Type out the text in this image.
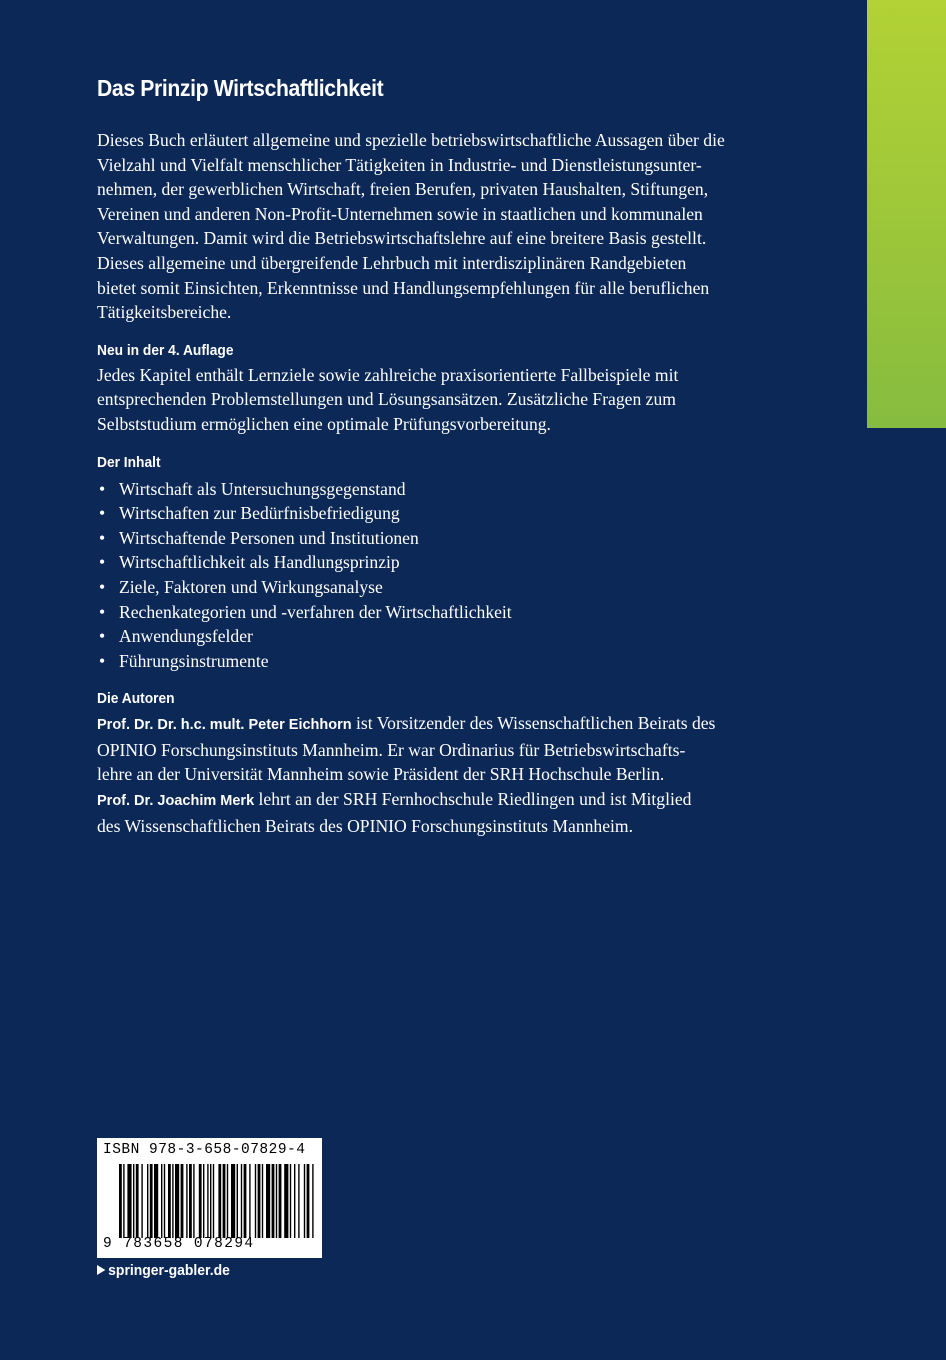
Das Prinzip Wirtschaftlichkeit

Dieses Buch erläutert allgemeine und spezielle betriebswirtschaftliche Aussagen über die

Vielzahl und Vielfalt menschlicher Tätigkeiten in Industrie- und Dienstleistungsunter-

nehmen, der gewerblichen Wirtschaft, freien Berufen, privaten Haushalten, Stiftungen,

Vereinen und anderen Non-Profit-Unternehmen sowie in staatlichen und kommunalen

Verwaltungen. Damit wird die Betriebswirtschaftslehre auf eine breitere Basis gestellt.

Dieses allgemeine und übergreifende Lehrbuch mit interdisziplinären Randgebieten

bietet somit Einsichten, Erkenntnisse und Handlungsempfehlungen für alle beruflichen

Tätigkeitsbereiche.

Neu in der 4. Auflage

Jedes Kapitel enthält Lernziele sowie zahlreiche praxisorientierte Fallbeispiele mit

entsprechenden Problemstellungen und Lösungsansätzen. Zusätzliche Fragen zum

Selbststudium ermöglichen eine optimale Prüfungsvorbereitung.

Der Inhalt
• Wirtschaft als Untersuchungsgegenstand
• Wirtschaften zur Bedürfnisbefriedigung
• Wirtschaftende Personen und Institutionen
• Wirtschaftlichkeit als Handlungsprinzip
• Ziele, Faktoren und Wirkungsanalyse
• Rechenkategorien und -verfahren der Wirtschaftlichkeit
• Anwendungsfelder
• Führungsinstrumente
Die Autoren

Prof. Dr. Dr. h.c. mult. Peter Eichhorn ist Vorsitzender des Wissenschaftlichen Beirats des

OPINIO Forschungsinstituts Mannheim. Er war Ordinarius für Betriebswirtschafts-

lehre an der Universität Mannheim sowie Präsident der SRH Hochschule Berlin.

Prof. Dr. Joachim Merk lehrt an der SRH Fernhochschule Riedlingen und ist Mitglied

des Wissenschaftlichen Beirats des OPINIO Forschungsinstituts Mannheim.

ISBN 978-3-658-07829-4
9 783658 078294
springer-gabler.de
